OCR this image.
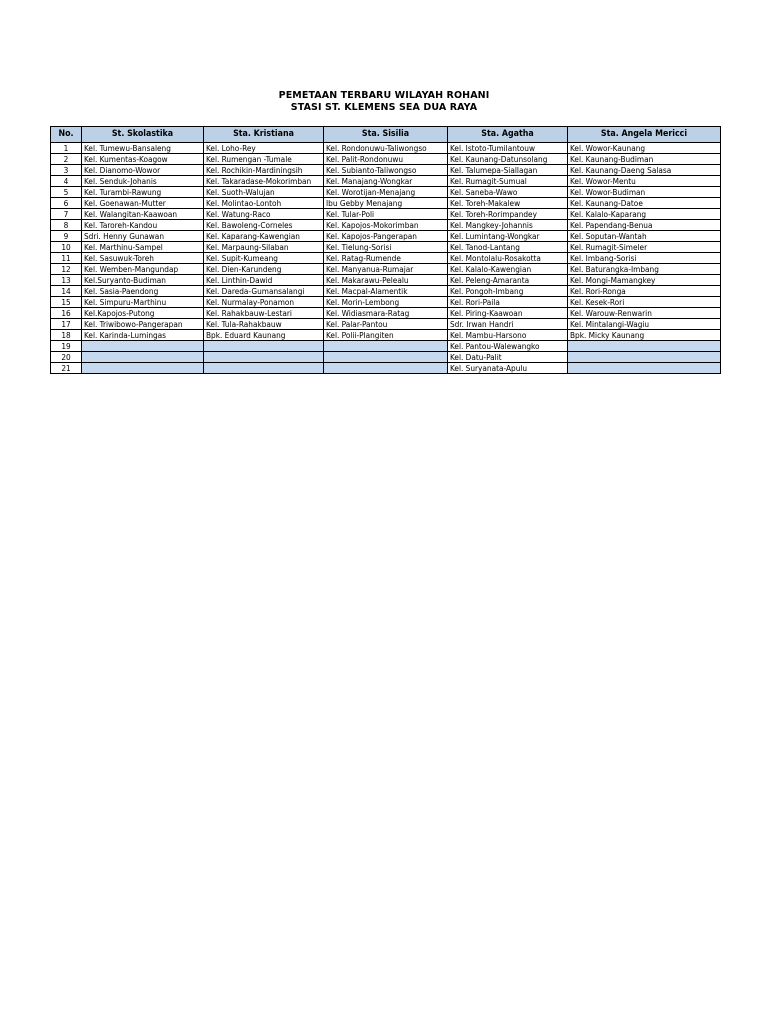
PEMETAAN TERBARU WILAYAH ROHANI
STASI ST. KLEMENS SEA DUA RAYA
No.	St. Skolastika	Sta. Kristiana	Sta. Sisilia	Sta. Agatha	Sta. Angela Mericci
1	Kel. Tumewu-Bansaleng	Kel. Loho-Rey	Kel. Rondonuwu-Taliwongso	Kel. Istoto-Tumilantouw	Kel. Wowor-Kaunang
2	Kel. Kumentas-Koagow	Kel. Rumengan -Tumale	Kel. Palit-Rondonuwu	Kel. Kaunang-Datunsolang	Kel. Kaunang-Budiman
3	Kel. Dianomo-Wowor	Kel. Rochikin-Mardiningsih	Kel. Subianto-Taliwongso	Kel. Talumepa-Siallagan	Kel. Kaunang-Daeng Salasa
4	Kel. Senduk-Johanis	Kel. Takaradase-Mokorimban	Kel. Manajang-Wongkar	Kel. Rumagit-Sumual	Kel. Wowor-Mentu
5	Kel. Turambi-Rawung	Kel. Suoth-Walujan	Kel. Worotijan-Menajang	Kel. Saneba-Wawo	Kel. Wowor-Budiman
6	Kel. Goenawan-Mutter	Kel. Molintao-Lontoh	Ibu Gebby Menajang	Kel. Toreh-Makalew	Kel. Kaunang-Datoe
7	Kel. Walangitan-Kaawoan	Kel. Watung-Raco	Kel. Tular-Poli	Kel. Toreh-Rorimpandey	Kel. Kalalo-Kaparang
8	Kel. Taroreh-Kandou	Kel. Bawoleng-Corneles	Kel. Kapojos-Mokorimban	Kel. Mangkey-Johannis	Kel. Papendang-Benua
9	Sdri. Henny Gunawan	Kel. Kaparang-Kawengian	Kel. Kapojos-Pangerapan	Kel. Lumintang-Wongkar	Kel. Soputan-Wantah
10	Kel. Marthinu-Sampel	Kel. Marpaung-Silaban	Kel. Tielung-Sorisi	Kel. Tanod-Lantang	Kel. Rumagit-Simeler
11	Kel. Sasuwuk-Toreh	Kel. Supit-Kumeang	Kel. Ratag-Rumende	Kel. Montolalu-Rosakotta	Kel. Imbang-Sorisi
12	Kel. Wemben-Mangundap	Kel. Dien-Karundeng	Kel. Manyanua-Rumajar	Kel. Kalalo-Kawengian	Kel. Baturangka-Imbang
13	Kel.Suryanto-Budiman	Kel. Linthin-Dawid	Kel. Makarawu-Pelealu	Kel. Peleng-Amaranta	Kel. Mongi-Mamangkey
14	Kel. Sasia-Paendong	Kel. Dareda-Gumansalangi	Kel. Macpal-Alamentik	Kel. Pongoh-Imbang	Kel. Rori-Ronga
15	Kel. Simpuru-Marthinu	Kel. Nurmalay-Ponamon	Kel. Morin-Lembong	Kel. Rori-Paila	Kel. Kesek-Rori
16	Kel.Kapojos-Putong	Kel. Rahakbauw-Lestari	Kel. Widiasmara-Ratag	Kel. Piring-Kaawoan	Kel. Warouw-Renwarin
17	Kel. Triwibowo-Pangerapan	Kel. Tula-Rahakbauw	Kel. Palar-Pantou	Sdr. Irwan Handri	Kel. Mintalangi-Wagiu
18	Kel. Karinda-Lumingas	Bpk. Eduard Kaunang	Kel. Polii-Plangiten	Kel. Mambu-Harsono	Bpk. Micky Kaunang
19				Kel. Pantou-Walewangko	
20				Kel. Datu-Palit	
21				Kel. Suryanata-Apulu	
